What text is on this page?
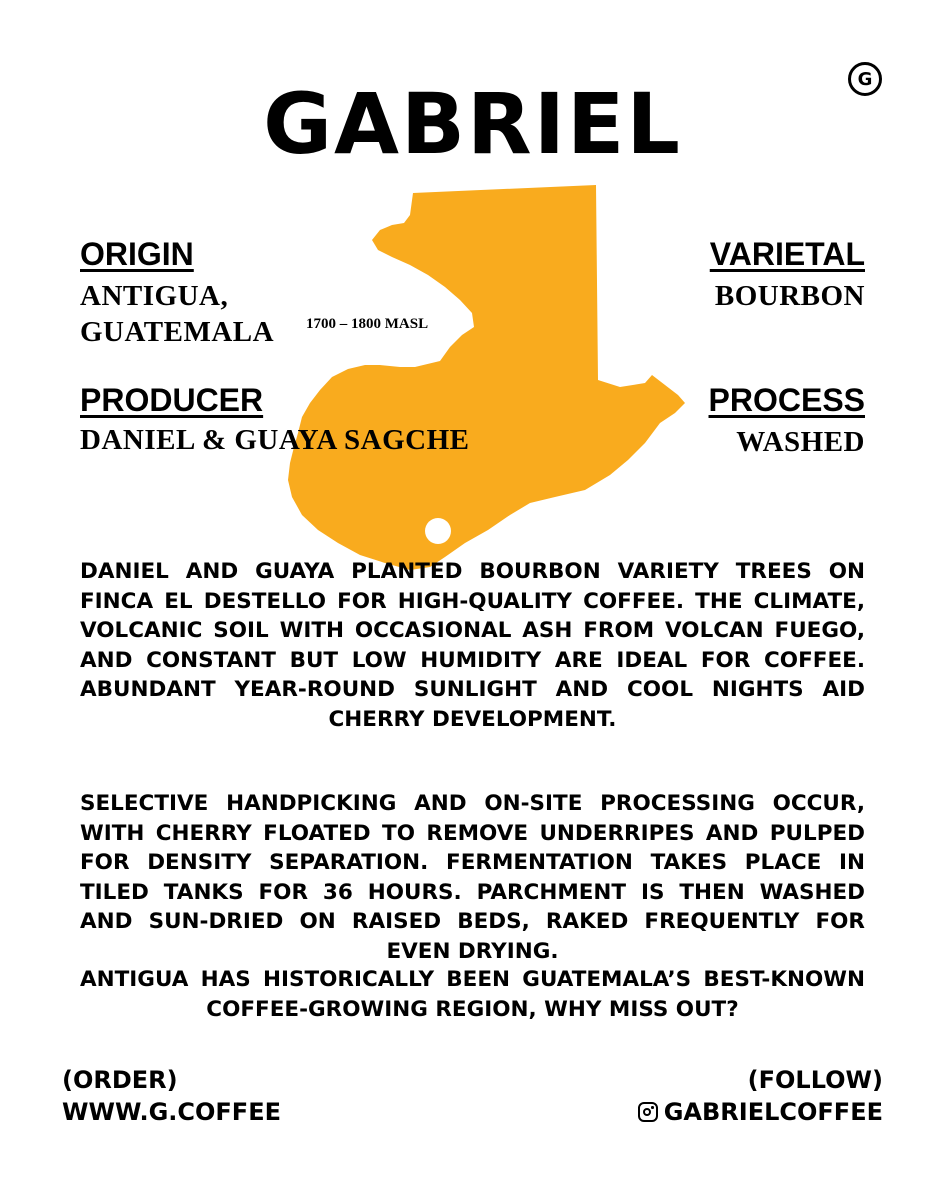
G
GABRIEL
ORIGIN
ANTIGUA,
GUATEMALA 1700 – 1800 MASL
VARIETAL
BOURBON
PRODUCER
DANIEL & GUAYA SAGCHE
PROCESS
WASHED
DANIEL AND GUAYA PLANTED BOURBON VARIETY TREES ON FINCA EL DESTELLO FOR HIGH-QUALITY COFFEE. THE CLIMATE, VOLCANIC SOIL WITH OCCASIONAL ASH FROM VOLCAN FUEGO, AND CONSTANT BUT LOW HUMIDITY ARE IDEAL FOR COFFEE. ABUNDANT YEAR-ROUND SUNLIGHT AND COOL NIGHTS AID CHERRY DEVELOPMENT.
SELECTIVE HANDPICKING AND ON-SITE PROCESSING OCCUR, WITH CHERRY FLOATED TO REMOVE UNDERRIPES AND PULPED FOR DENSITY SEPARATION. FERMENTATION TAKES PLACE IN TILED TANKS FOR 36 HOURS. PARCHMENT IS THEN WASHED AND SUN-DRIED ON RAISED BEDS, RAKED FREQUENTLY FOR EVEN DRYING.
ANTIGUA HAS HISTORICALLY BEEN GUATEMALA’S BEST-KNOWN COFFEE-GROWING REGION, WHY MISS OUT?
(ORDER)
WWW.G.COFFEE
(FOLLOW)
GABRIELCOFFEE
